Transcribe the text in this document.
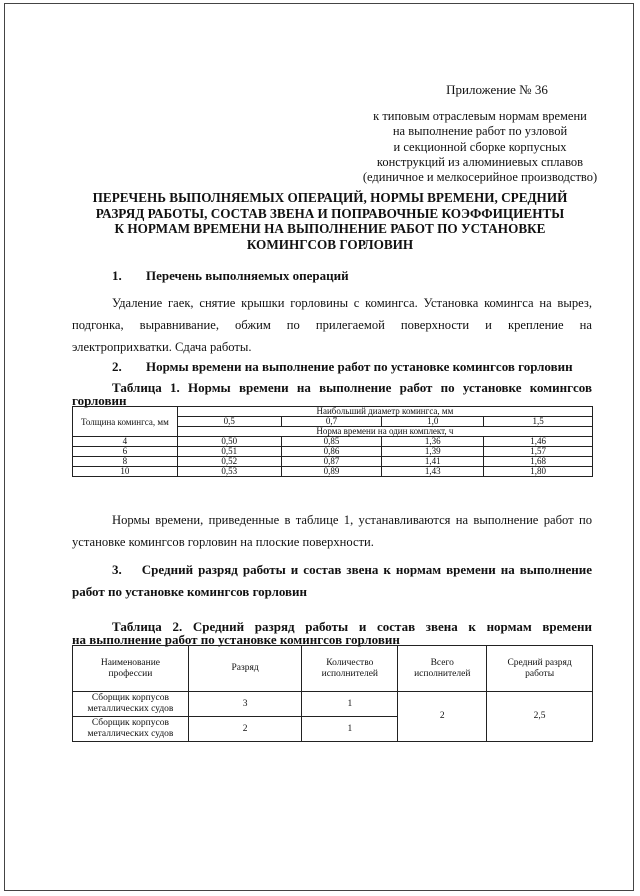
Приложение № 36
к типовым отраслевым нормам времени
на выполнение работ по узловой
и секционной сборке корпусных
конструкций из алюминиевых сплавов
(единичное и мелкосерийное производство)
ПЕРЕЧЕНЬ ВЫПОЛНЯЕМЫХ ОПЕРАЦИЙ, НОРМЫ ВРЕМЕНИ, СРЕДНИЙ
РАЗРЯД РАБОТЫ, СОСТАВ ЗВЕНА И ПОПРАВОЧНЫЕ КОЭФФИЦИЕНТЫ
К НОРМАМ ВРЕМЕНИ НА ВЫПОЛНЕНИЕ РАБОТ ПО УСТАНОВКЕ
КОМИНГСОВ ГОРЛОВИН
1. Перечень выполняемых операций
Удаление гаек, снятие крышки горловины с комингса. Установка комингса на вырез, подгонка, выравнивание, обжим по прилегаемой поверхности и крепление на электроприхватки. Сдача работы.
2. Нормы времени на выполнение работ по установке комингсов горловин
Таблица 1. Нормы времени на выполнение работ по установке комингсов
горловин
Толщина комингса, мм	Наибольший диаметр комингса, мм			
	0,5	0,7	1,0	1,5
	Норма времени на один комплект, ч			
4	0,50	0,85	1,36	1,46
6	0,51	0,86	1,39	1,57
8	0,52	0,87	1,41	1,68
10	0,53	0,89	1,43	1,80
Нормы времени, приведенные в таблице 1, устанавливаются на выполнение работ по установке комингсов горловин на плоские поверхности.
3. Средний разряд работы и состав звена к нормам времени на выполнение
работ по установке комингсов горловин
Таблица 2. Средний разряд работы и состав звена к нормам времени
на выполнение работ по установке комингсов горловин
Наименование профессии	Разряд	Количество исполнителей	Всего исполнителей	Средний разряд работы
Сборщик корпусов металлических судов	3	1	2	2,5
Сборщик корпусов металлических судов	2	1		
